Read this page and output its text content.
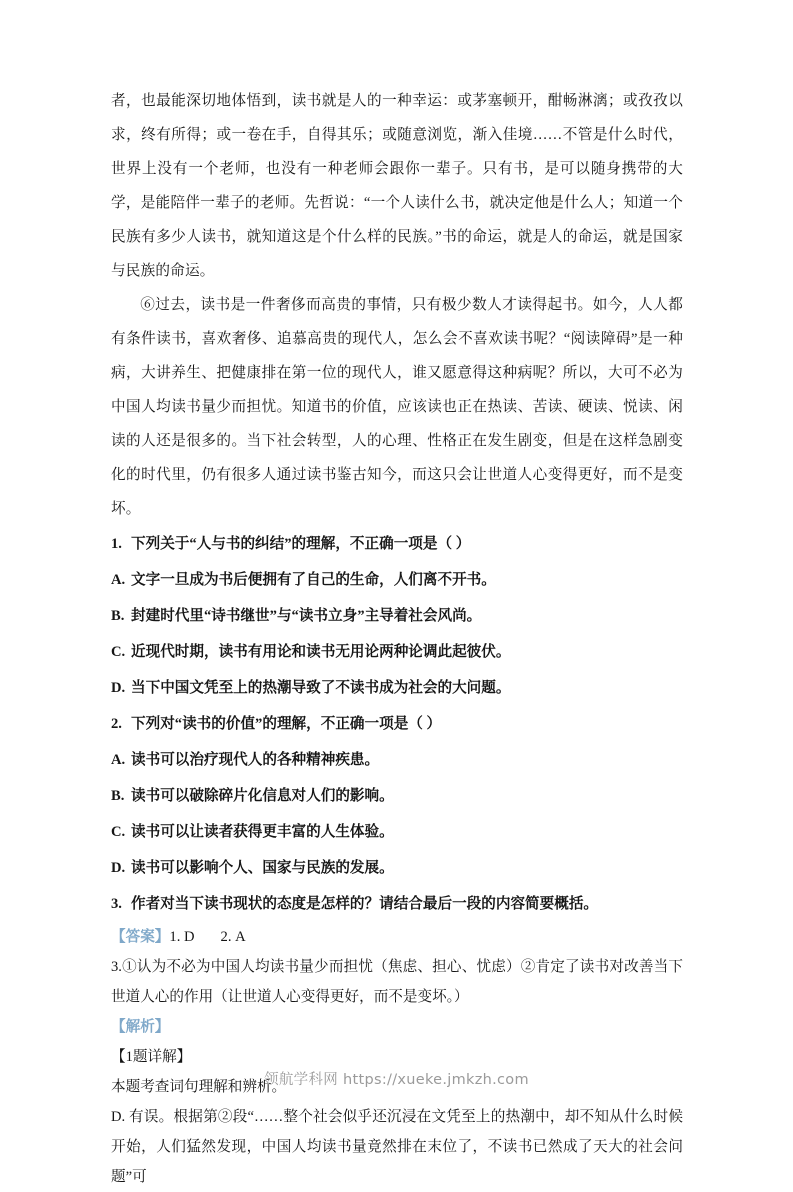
者，也最能深切地体悟到，读书就是人的一种幸运：或茅塞顿开，酣畅淋漓；或孜孜以求，终有所得；或一卷在手，自得其乐；或随意浏览，渐入佳境……不管是什么时代，世界上没有一个老师，也没有一种老师会跟你一辈子。只有书，是可以随身携带的大学，是能陪伴一辈子的老师。先哲说：“一个人读什么书，就决定他是什么人；知道一个民族有多少人读书，就知道这是个什么样的民族。”书的命运，就是人的命运，就是国家与民族的命运。

⑥过去，读书是一件奢侈而高贵的事情，只有极少数人才读得起书。如今，人人都有条件读书，喜欢奢侈、追慕高贵的现代人，怎么会不喜欢读书呢？“阅读障碍”是一种病，大讲养生、把健康排在第一位的现代人，谁又愿意得这种病呢？所以，大可不必为中国人均读书量少而担忧。知道书的价值，应该读也正在热读、苦读、硬读、悦读、闲读的人还是很多的。当下社会转型，人的心理、性格正在发生剧变，但是在这样急剧变化的时代里，仍有很多人通过读书鉴古知今，而这只会让世道人心变得更好，而不是变坏。

1. 下列关于“人与书的纠结”的理解，不正确一项是（ ）

A. 文字一旦成为书后便拥有了自己的生命，人们离不开书。

B. 封建时代里“诗书继世”与“读书立身”主导着社会风尚。

C. 近现代时期，读书有用论和读书无用论两种论调此起彼伏。

D. 当下中国文凭至上的热潮导致了不读书成为社会的大问题。

2. 下列对“读书的价值”的理解，不正确一项是（ ）

A. 读书可以治疗现代人的各种精神疾患。

B. 读书可以破除碎片化信息对人们的影响。

C. 读书可以让读者获得更丰富的人生体验。

D. 读书可以影响个人、国家与民族的发展。

3. 作者对当下读书现状的态度是怎样的？请结合最后一段的内容简要概括。

【答案】1. D 2. A

3.①认为不必为中国人均读书量少而担忧（焦虑、担心、忧虑）②肯定了读书对改善当下世道人心的作用（让世道人心变得更好，而不是变坏。）

【解析】

【1题详解】

本题考查词句理解和辨析。

D. 有误。根据第②段“……整个社会似乎还沉浸在文凭至上的热潮中，却不知从什么时候开始，人们猛然发现，中国人均读书量竟然排在末位了，不读书已然成了天大的社会问题”可

领航学科网 https://xueke.jmkzh.com
